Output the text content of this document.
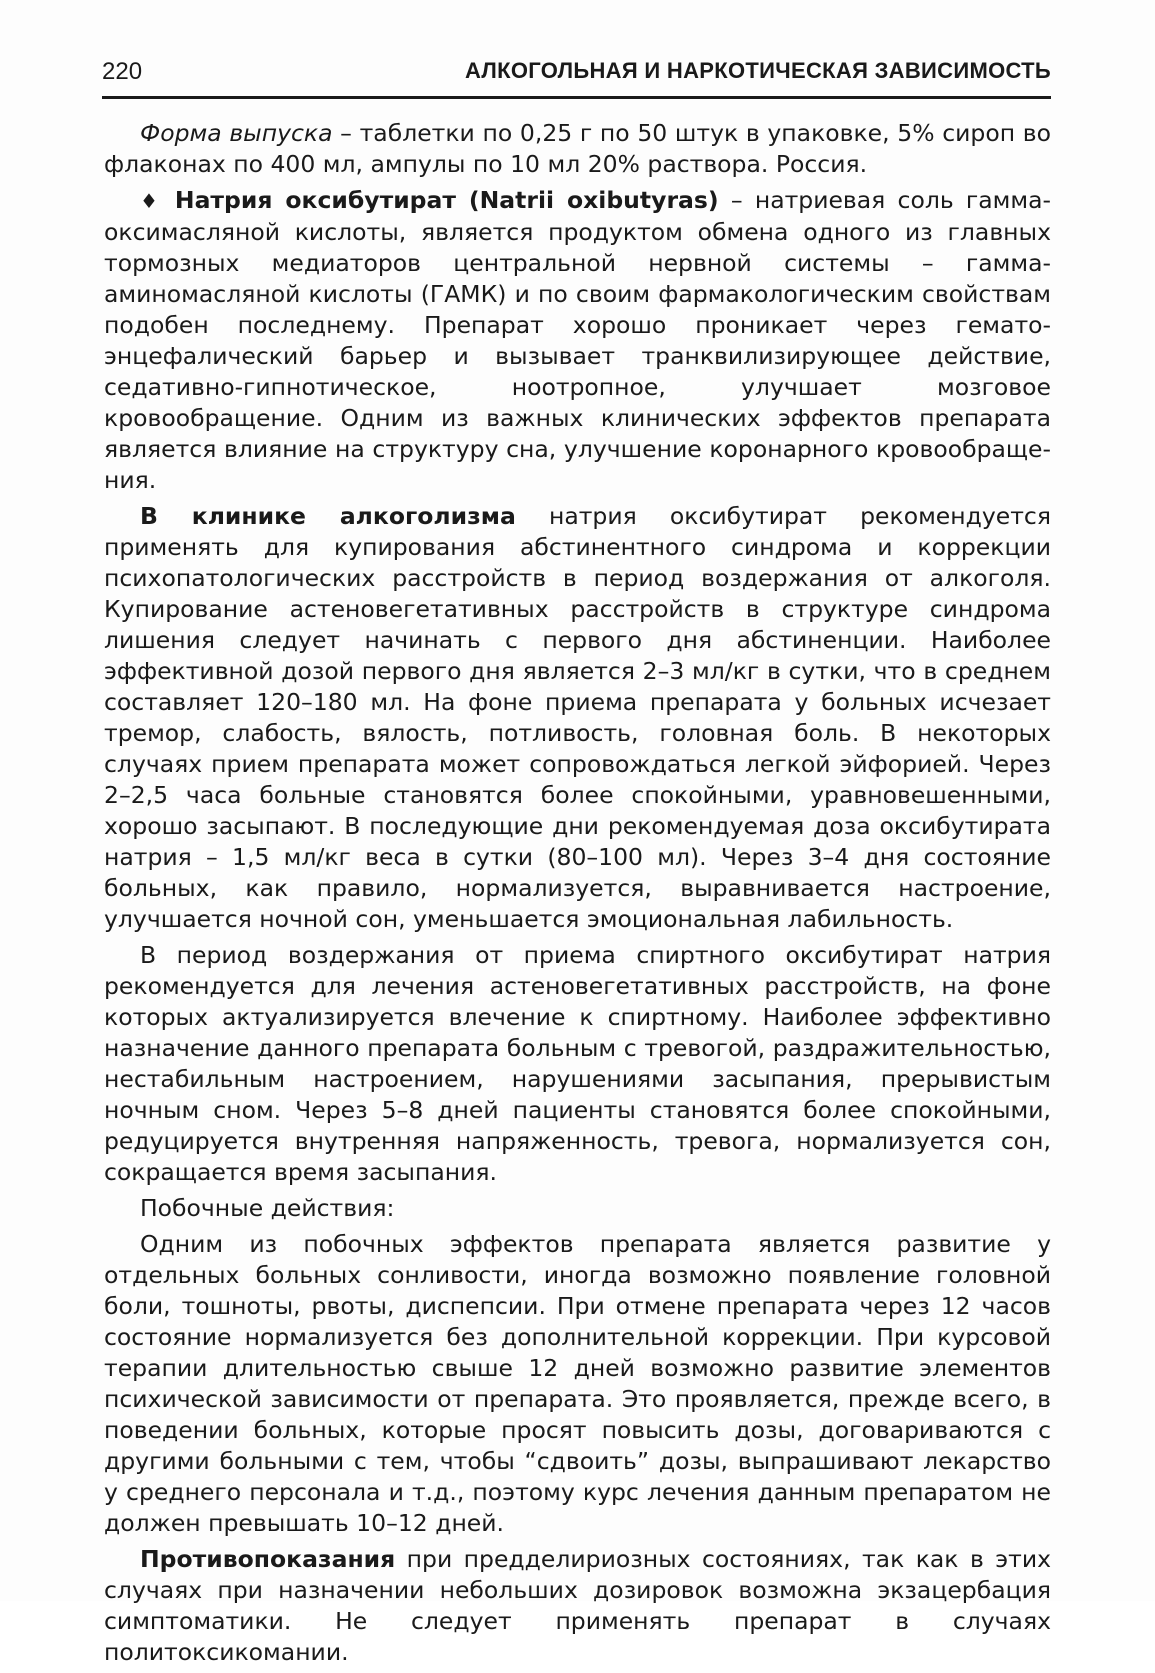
220	АЛКОГОЛЬНАЯ И НАРКОТИЧЕСКАЯ ЗАВИСИМОСТЬ

Форма выпуска – таблетки по 0,25 г по 50 штук в упаковке, 5% сироп во флаконах по 400 мл, ампулы по 10 мл 20% раствора. Россия.

♦ Натрия оксибутират (Natrii oxibutyras) – натриевая соль гамма-оксимасляной кислоты, является продуктом обмена одного из главных тормозных медиаторов центральной нервной системы – гамма-аминомасляной кислоты (ГАМК) и по своим фармакологическим свойствам подобен последнему. Препарат хорошо проникает через гемато-энцефалический барьер и вызывает транквилизирующее действие, седативно-гипнотическое, ноотропное, улучшает мозговое кровообращение. Одним из важных клинических эффектов препарата является влияние на структуру сна, улучшение коронарного кровообращения.

В клинике алкоголизма натрия оксибутират рекомендуется применять для купирования абстинентного синдрома и коррекции психопатологических расстройств в период воздержания от алкоголя. Купирование астеновегетативных расстройств в структуре синдрома лишения следует начинать с первого дня абстиненции. Наиболее эффективной дозой первого дня является 2–3 мл/кг в сутки, что в среднем составляет 120–180 мл. На фоне приема препарата у больных исчезает тремор, слабость, вялость, потливость, головная боль. В некоторых случаях прием препарата может сопровождаться легкой эйфорией. Через 2–2,5 часа больные становятся более спокойными, уравновешенными, хорошо засыпают. В последующие дни рекомендуемая доза оксибутирата натрия – 1,5 мл/кг веса в сутки (80–100 мл). Через 3–4 дня состояние больных, как правило, нормализуется, выравнивается настроение, улучшается ночной сон, уменьшается эмоциональная лабильность.

В период воздержания от приема спиртного оксибутират натрия рекомендуется для лечения астеновегетативных расстройств, на фоне которых актуализируется влечение к спиртному. Наиболее эффективно назначение данного препарата больным с тревогой, раздражительностью, нестабильным настроением, нарушениями засыпания, прерывистым ночным сном. Через 5–8 дней пациенты становятся более спокойными, редуцируется внутренняя напряженность, тревога, нормализуется сон, сокращается время засыпания.

Побочные действия:

Одним из побочных эффектов препарата является развитие у отдельных больных сонливости, иногда возможно появление головной боли, тошноты, рвоты, диспепсии. При отмене препарата через 12 часов состояние нормализуется без дополнительной коррекции. При курсовой терапии длительностью свыше 12 дней возможно развитие элементов психической зависимости от препарата. Это проявляется, прежде всего, в поведении больных, которые просят повысить дозы, договариваются с другими больными с тем, чтобы “сдвоить” дозы, выпрашивают лекарство у среднего персонала и т.д., поэтому курс лечения данным препаратом не должен превышать 10–12 дней.

Противопоказания при предделириозных состояниях, так как в этих случаях при назначении небольших дозировок возможна экзацербация симптоматики. Не следует применять препарат в случаях политоксикомании.
